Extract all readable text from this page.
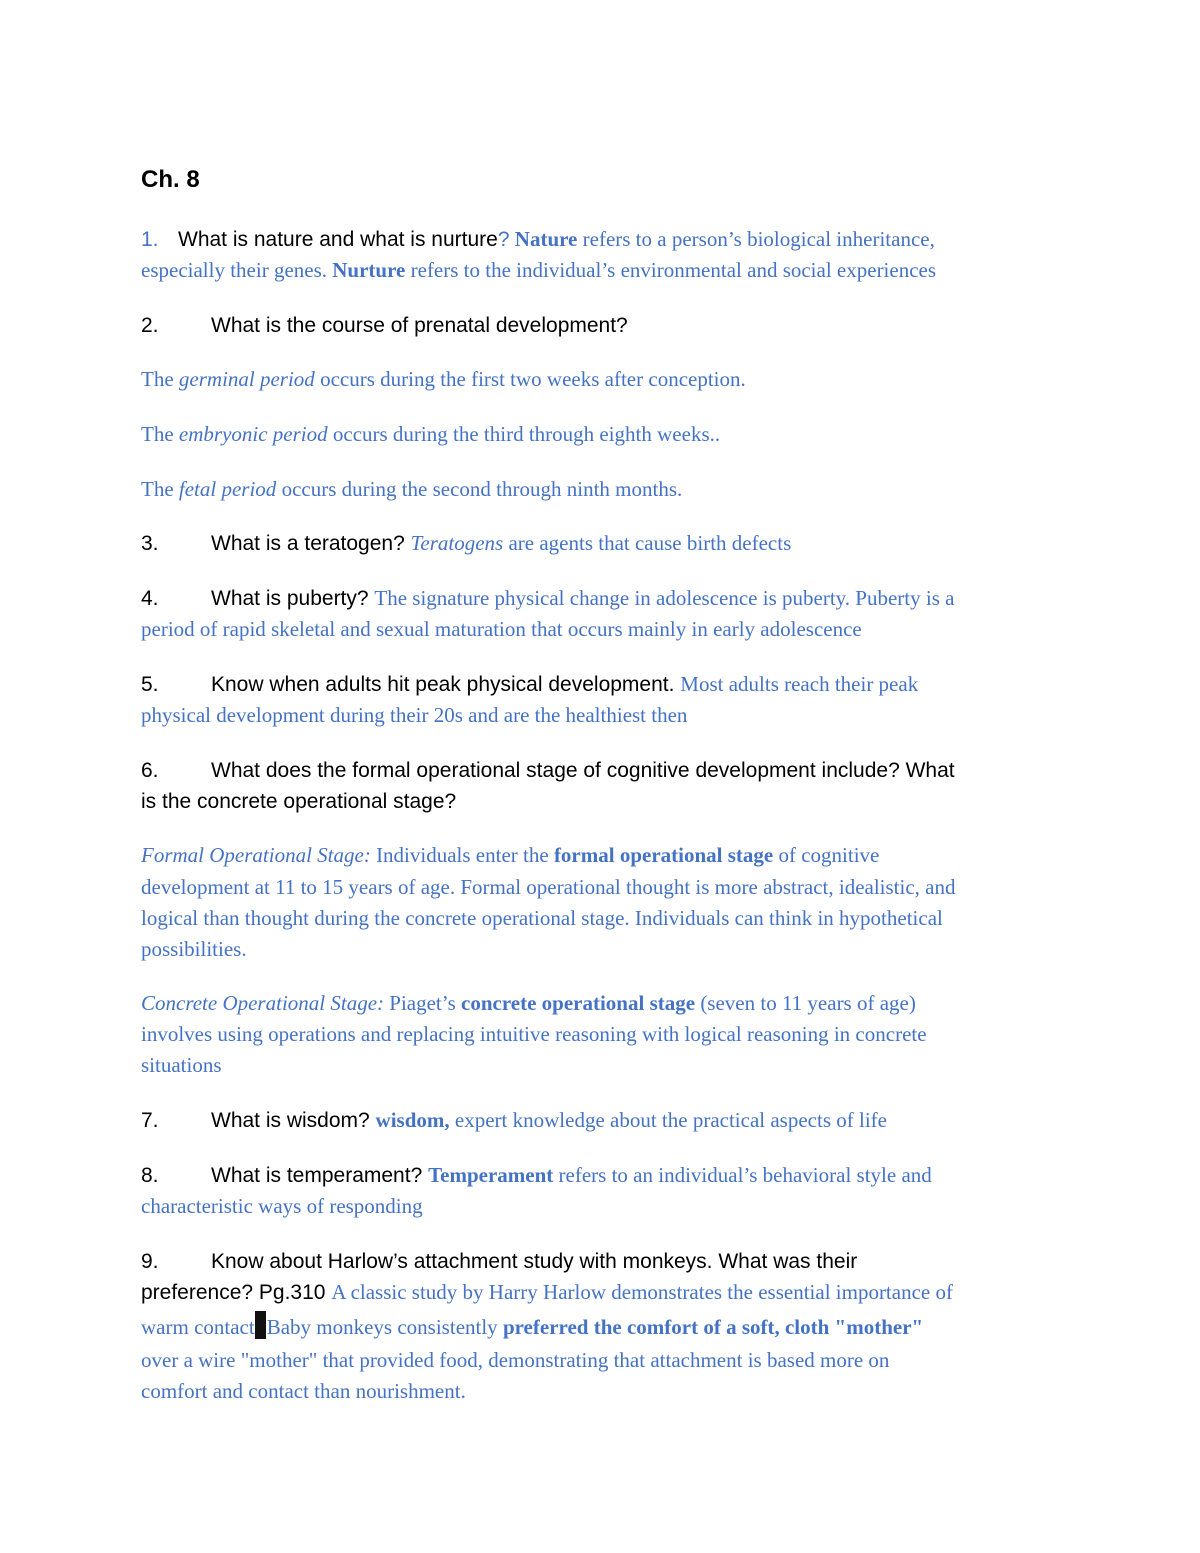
Ch. 8
1. What is nature and what is nurture? Nature refers to a person’s biological inheritance,
especially their genes. Nurture refers to the individual’s environmental and social experiences
2. What is the course of prenatal development?
The germinal period occurs during the first two weeks after conception.
The embryonic period occurs during the third through eighth weeks..
The fetal period occurs during the second through ninth months.
3. What is a teratogen? Teratogens are agents that cause birth defects
4. What is puberty? The signature physical change in adolescence is puberty. Puberty is a
period of rapid skeletal and sexual maturation that occurs mainly in early adolescence
5. Know when adults hit peak physical development. Most adults reach their peak
physical development during their 20s and are the healthiest then
6. What does the formal operational stage of cognitive development include? What
is the concrete operational stage?
Formal Operational Stage: Individuals enter the formal operational stage of cognitive
development at 11 to 15 years of age. Formal operational thought is more abstract, idealistic, and
logical than thought during the concrete operational stage. Individuals can think in hypothetical
possibilities.
Concrete Operational Stage: Piaget’s concrete operational stage (seven to 11 years of age)
involves using operations and replacing intuitive reasoning with logical reasoning in concrete
situations
7. What is wisdom? wisdom, expert knowledge about the practical aspects of life
8. What is temperament? Temperament refers to an individual’s behavioral style and
characteristic ways of responding
9. Know about Harlow’s attachment study with monkeys. What was their
preference? Pg.310 A classic study by Harry Harlow demonstrates the essential importance of
warm contact Baby monkeys consistently preferred the comfort of a soft, cloth "mother"
over a wire "mother" that provided food, demonstrating that attachment is based more on
comfort and contact than nourishment.
